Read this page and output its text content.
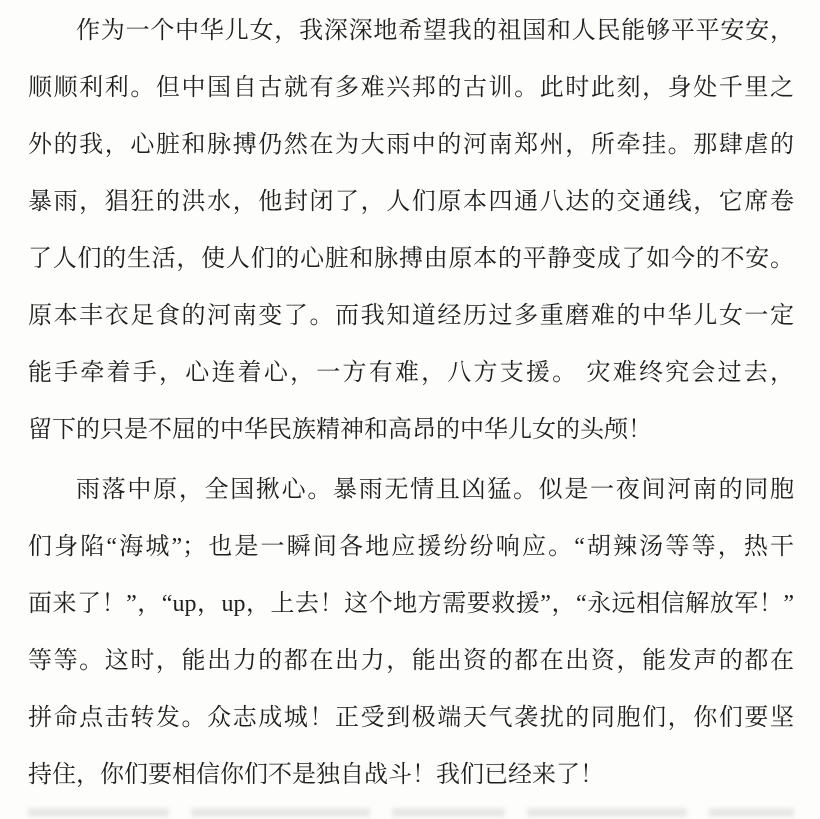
作为一个中华儿女，我深深地希望我的祖国和人民能够平平安安，
顺顺利利。但中国自古就有多难兴邦的古训。此时此刻，身处千里之
外的我，心脏和脉搏仍然在为大雨中的河南郑州，所牵挂。那肆虐的
暴雨，猖狂的洪水，他封闭了，人们原本四通八达的交通线，它席卷
了人们的生活，使人们的心脏和脉搏由原本的平静变成了如今的不安。
原本丰衣足食的河南变了。而我知道经历过多重磨难的中华儿女一定
能手牵着手，心连着心，一方有难，八方支援。 灾难终究会过去，
留下的只是不屈的中华民族精神和高昂的中华儿女的头颅！
雨落中原，全国揪心。暴雨无情且凶猛。似是一夜间河南的同胞
们身陷“海城”；也是一瞬间各地应援纷纷响应。“胡辣汤等等，热干
面来了！”，“up，up，上去！这个地方需要救援”，“永远相信解放军！”
等等。这时，能出力的都在出力，能出资的都在出资，能发声的都在
拼命点击转发。众志成城！正受到极端天气袭扰的同胞们，你们要坚
持住，你们要相信你们不是独自战斗！我们已经来了！
